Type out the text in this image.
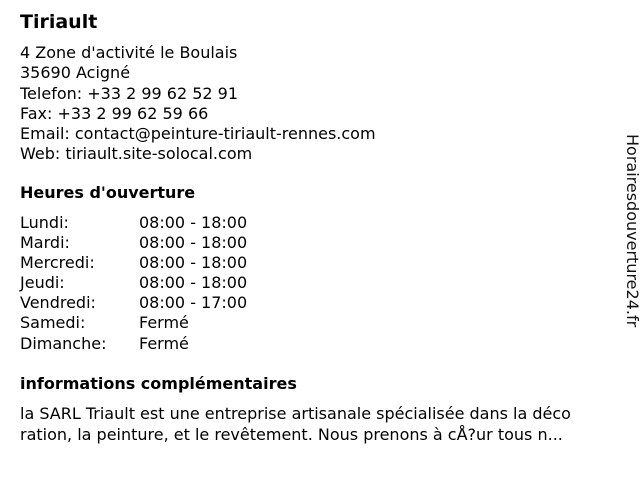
Tiriault
4 Zone d'activité le Boulais
35690 Acigné
Telefon: +33 2 99 62 52 91
Fax: +33 2 99 62 59 66
Email: contact@peinture-tiriault-rennes.com
Web: tiriault.site-solocal.com
Heures d'ouverture
Lundi:	08:00 - 18:00
Mardi:	08:00 - 18:00
Mercredi:	08:00 - 18:00
Jeudi:	08:00 - 18:00
Vendredi:	08:00 - 17:00
Samedi:	Fermé
Dimanche: Fermé
informations complémentaires
la SARL Triault est une entreprise artisanale spécialisée dans la déco
ration, la peinture, et le revêtement. Nous prenons à cÅ?ur tous n...
Horairesdouverture24.fr
